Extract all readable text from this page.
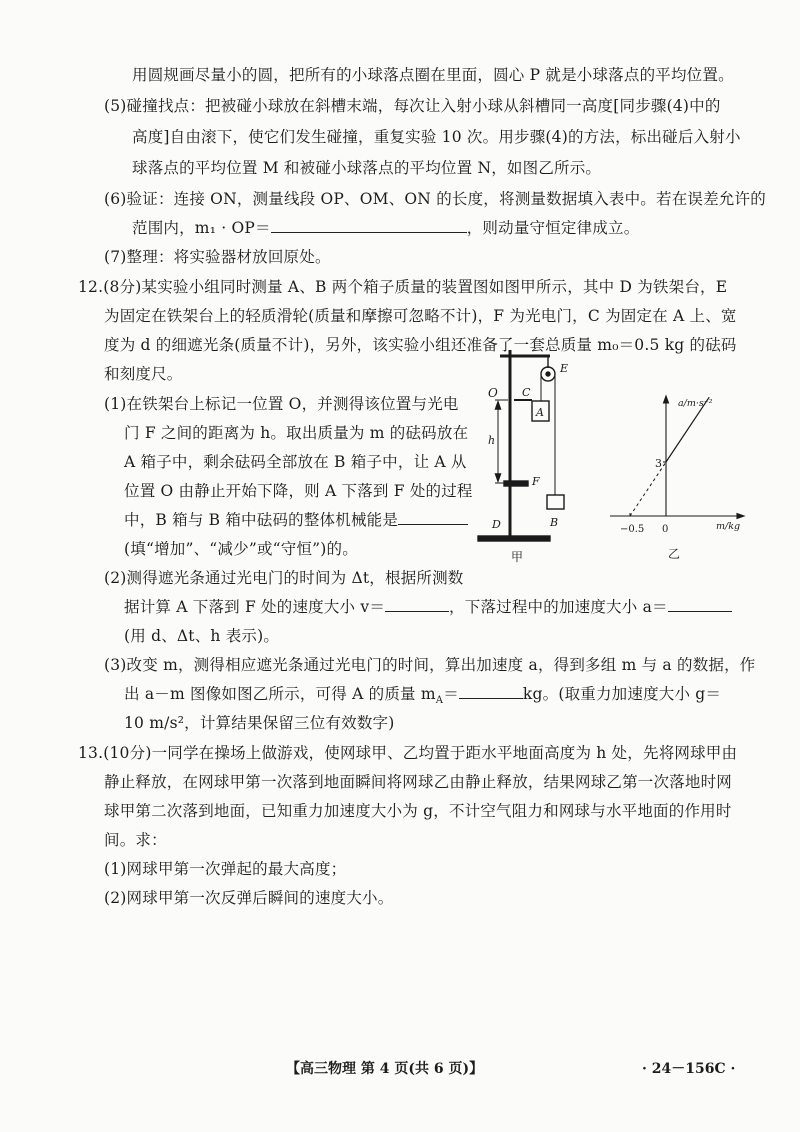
用圆规画尽量小的圆，把所有的小球落点圈在里面，圆心 P 就是小球落点的平均位置。
(5)碰撞找点：把被碰小球放在斜槽末端，每次让入射小球从斜槽同一高度[同步骤(4)中的
高度]自由滚下，使它们发生碰撞，重复实验 10 次。用步骤(4)的方法，标出碰后入射小
球落点的平均位置 M 和被碰小球落点的平均位置 N，如图乙所示。
(6)验证：连接 ON，测量线段 OP、OM、ON 的长度，将测量数据填入表中。若在误差允许的
范围内，m₁ · OP＝	，则动量守恒定律成立。
(7)整理：将实验器材放回原处。
12.(8分)某实验小组同时测量 A、B 两个箱子质量的装置图如图甲所示，其中 D 为铁架台，E
为固定在铁架台上的轻质滑轮(质量和摩擦可忽略不计)，F 为光电门，C 为固定在 A 上、宽
度为 d 的细遮光条(质量不计)，另外，该实验小组还准备了一套总质量 m₀＝0.5 kg 的砝码
和刻度尺。
(1)在铁架台上标记一位置 O，并测得该位置与光电
门 F 之间的距离为 h。取出质量为 m 的砝码放在
A 箱子中，剩余砝码全部放在 B 箱子中，让 A 从
位置 O 由静止开始下降，则 A 下落到 F 处的过程
中，B 箱与 B 箱中砝码的整体机械能是
(填“增加”、“减少”或“守恒”)的。
(2)测得遮光条通过光电门的时间为 Δt，根据所测数
据计算 A 下落到 F 处的速度大小 v＝	，下落过程中的加速度大小 a＝
(用 d、Δt、h 表示)。
(3)改变 m，测得相应遮光条通过光电门的时间，算出加速度 a，得到多组 m 与 a 的数据，作
出 a－m 图像如图乙所示，可得 A 的质量 $m_A=$	kg。(取重力加速度大小 g＝
10 m/s²，计算结果保留三位有效数字)
13.(10分)一同学在操场上做游戏，使网球甲、乙均置于距水平地面高度为 h 处，先将网球甲由
静止释放，在网球甲第一次落到地面瞬间将网球乙由静止释放，结果网球乙第一次落地时网
球甲第二次落到地面，已知重力加速度大小为 g，不计空气阻力和网球与水平地面的作用时
间。求：
(1)网球甲第一次弹起的最大高度；
(2)网球甲第一次反弹后瞬间的速度大小。
O C
A
E
h
F
B
D
甲
a/m·s⁻²
m/kg
3
−0.5 0
乙
【高三物理 第 4 页(共 6 页)】	· 24－156C ·
